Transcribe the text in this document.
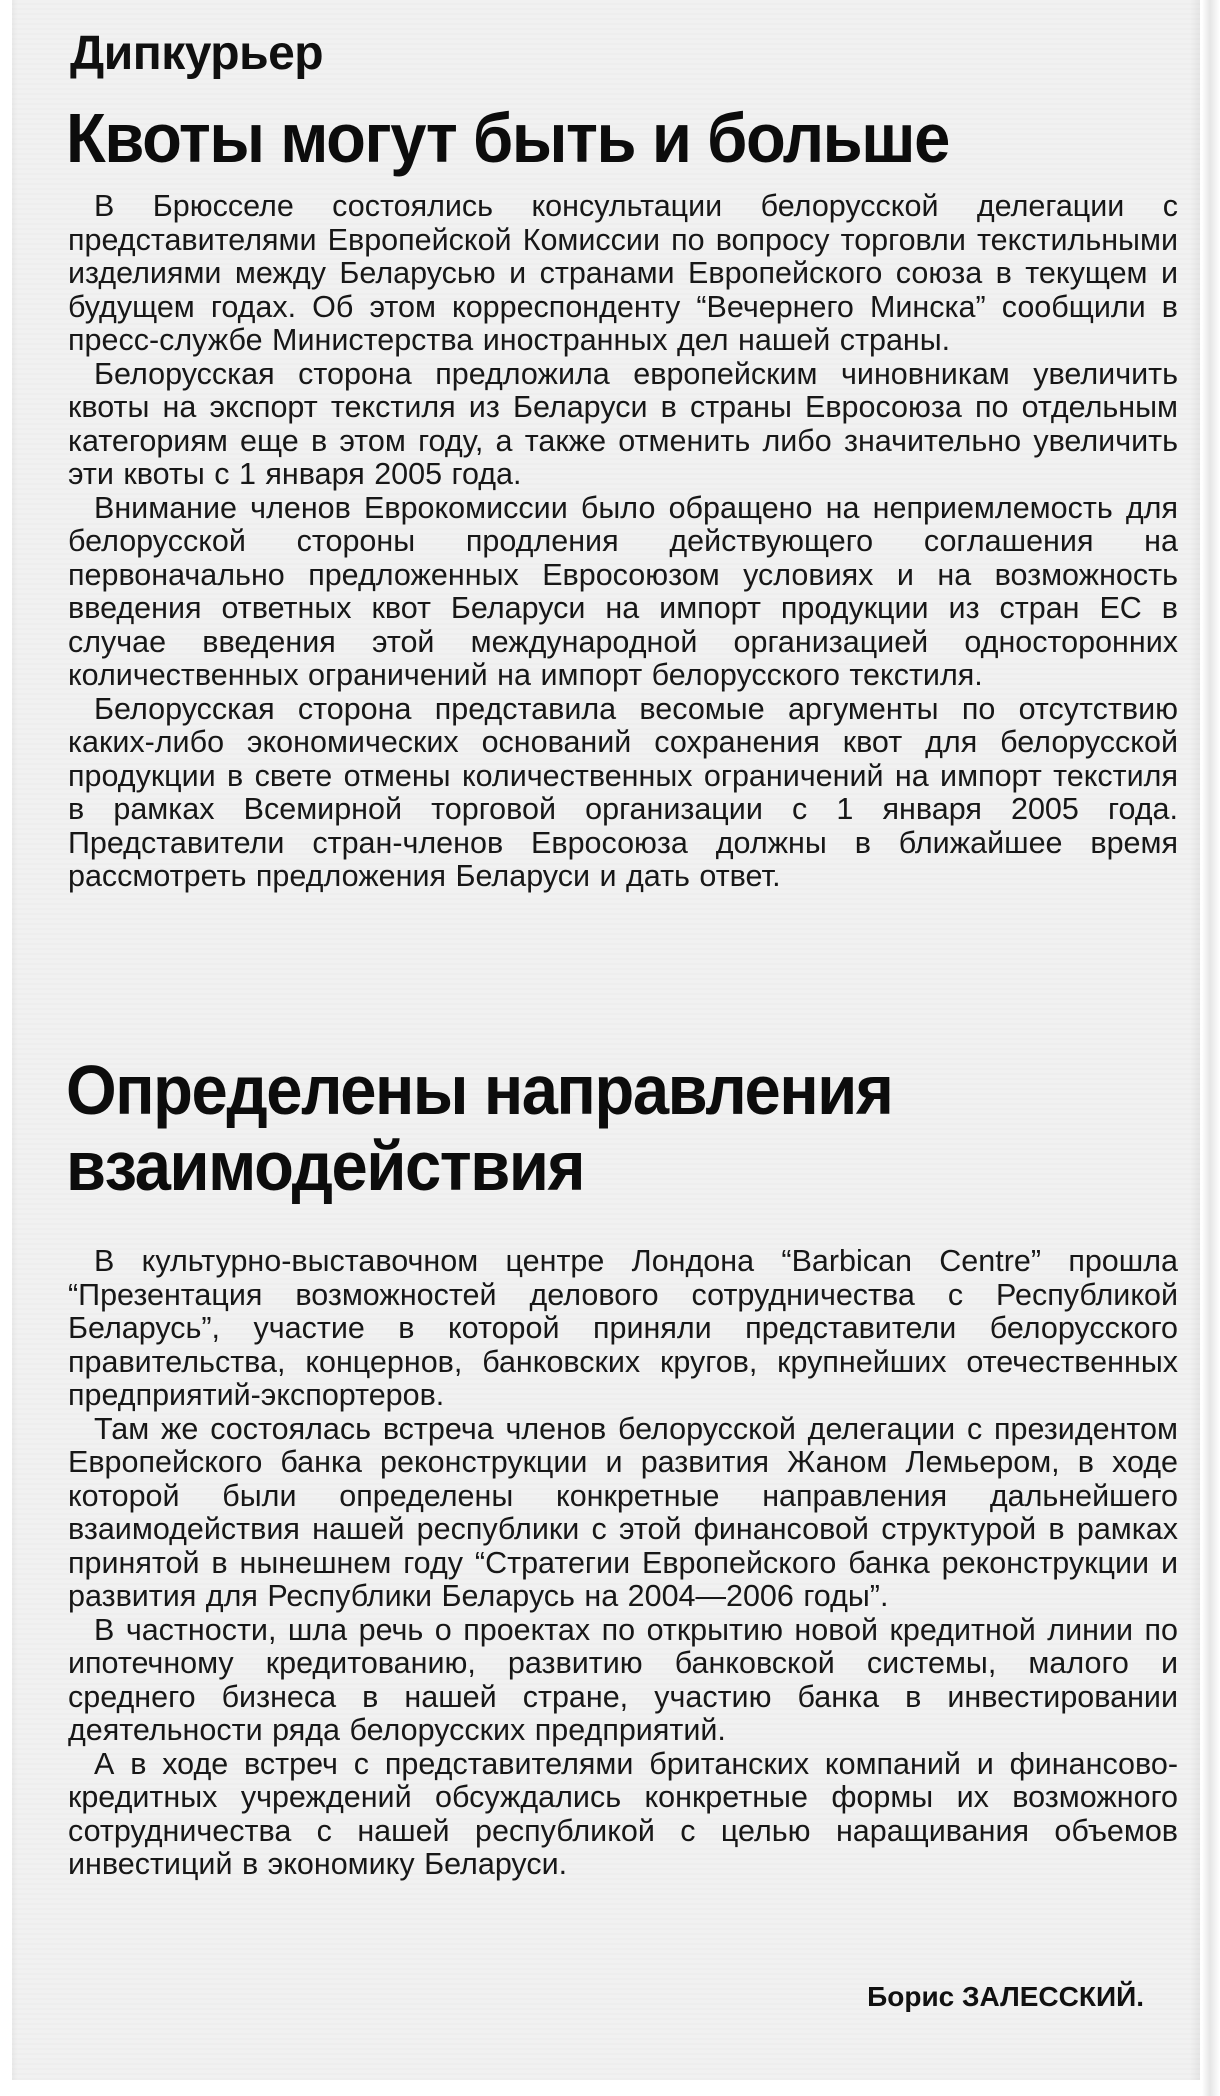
Дипкурьер
Квоты могут быть и больше

В Брюсселе состоялись консультации белорусской делегации с представителями Европейской Комиссии по вопросу торговли текстильными изделиями между Беларусью и странами Европейского союза в текущем и будущем годах. Об этом корреспонденту “Вечернего Минска” сообщили в пресс-службе Министерства иностранных дел нашей страны.

Белорусская сторона предложила европейским чиновникам увеличить квоты на экспорт текстиля из Беларуси в страны Евросоюза по отдельным категориям еще в этом году, а также отменить либо значительно увеличить эти квоты с 1 января 2005 года.

Внимание членов Еврокомиссии было обращено на неприемлемость для белорусской стороны продления действующего соглашения на первоначально предложенных Евросоюзом условиях и на возможность введения ответных квот Беларуси на импорт продукции из стран ЕС в случае введения этой международной организацией односторонних количественных ограничений на импорт белорусского текстиля.

Белорусская сторона представила весомые аргументы по отсутствию каких-либо экономических оснований сохранения квот для белорусской продукции в свете отмены количественных ограничений на импорт текстиля в рамках Всемирной торговой организации с 1 января 2005 года. Представители стран-членов Евросоюза должны в ближайшее время рассмотреть предложения Беларуси и дать ответ.

Определены направления
взаимодействия

В культурно-выставочном центре Лондона “Barbican Centre” прошла “Презентация возможностей делового сотрудничества с Республикой Беларусь”, участие в которой приняли представители белорусского правительства, концернов, банковских кругов, крупнейших отечественных предприятий-экспортеров.

Там же состоялась встреча членов белорусской делегации с президентом Европейского банка реконструкции и развития Жаном Лемьером, в ходе которой были определены конкретные направления дальнейшего взаимодействия нашей республики с этой финансовой структурой в рамках принятой в нынешнем году “Стратегии Европейского банка реконструкции и развития для Республики Беларусь на 2004—2006 годы”.

В частности, шла речь о проектах по открытию новой кредитной линии по ипотечному кредитованию, развитию банковской системы, малого и среднего бизнеса в нашей стране, участию банка в инвестировании деятельности ряда белорусских предприятий.

А в ходе встреч с представителями британских компаний и финансово-кредитных учреждений обсуждались конкретные формы их возможного сотрудничества с нашей республикой с целью наращивания объемов инвестиций в экономику Беларуси.

Борис ЗАЛЕССКИЙ.
